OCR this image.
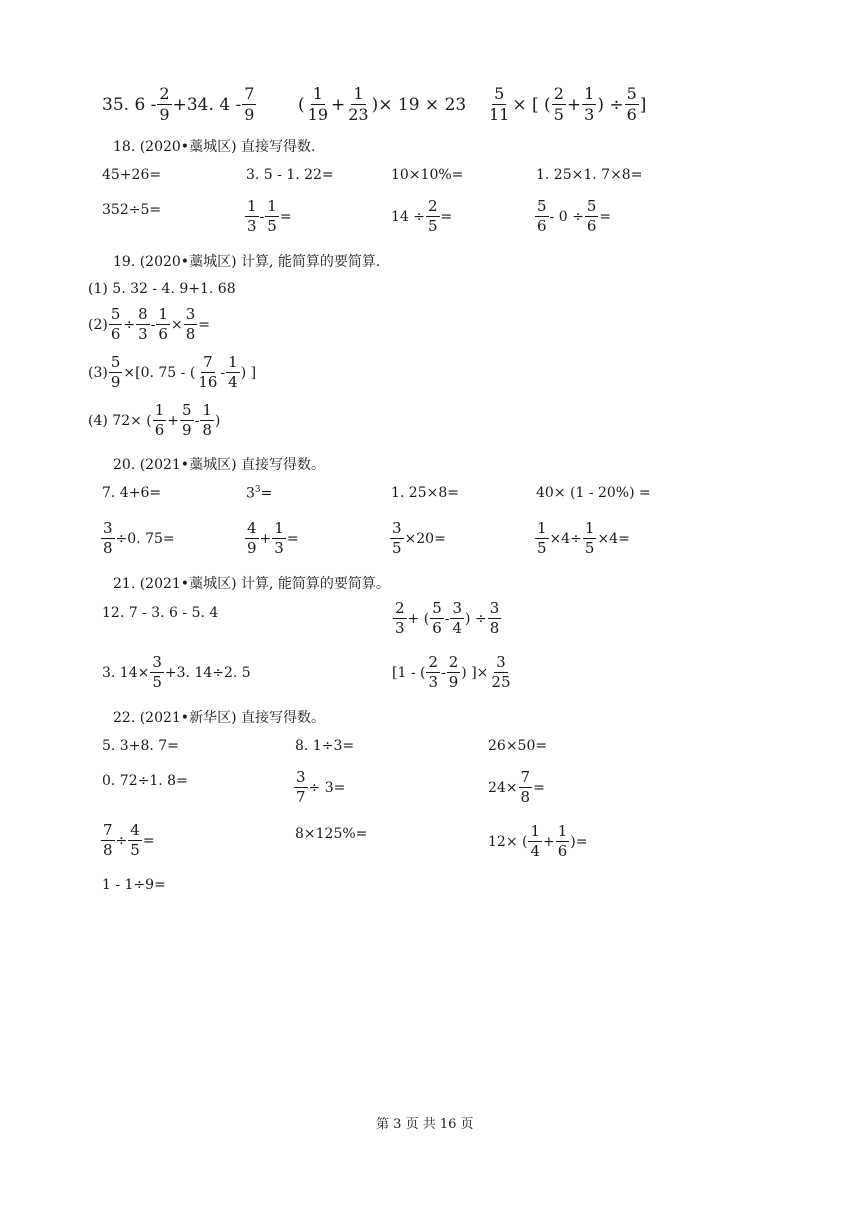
35. $6 - \frac{2}{9} +34$. $4 - \frac{7}{9}$ ( $\frac{1}{19} + \frac{1}{23}$ )× $19 \times 23 \frac{5}{11}$ × [ ( $\frac{2}{5} + \frac{1}{3}$ ) ÷ $\frac{5}{6}$ ]
18. (2020•藁城区) 直接写得数.
45+26=	3. 5 - 1. 22=	10×10%=	1. 25×1. 7×8=
352÷5=	$\frac{1}{3} - \frac{1}{5}$ =	$14 \div \frac{2}{5}$ =	$\frac{5}{6} - 0 \div \frac{5}{6}$ =
19. (2020•藁城区) 计算, 能简算的要简算.
(1) 5. 32 - 4. 9+1. 68
$(2) \frac{5}{6} \div \frac{8}{3} - \frac{1}{6} \times \frac{3}{8}$ =
$(3) \frac{5}{9} \times[0$. 75 - ( $\frac{7}{16} - \frac{1}{4}$ ) ]
(4) 72× ( $\frac{1}{6} + \frac{5}{9} - \frac{1}{8}$ )
20. (2021•藁城区) 直接写得数。
7. 4+6=	$3^3=$	1. 25×8=	40× (1 - 20%) =
$\frac{3}{8} \div 0$. 75=	$\frac{4}{9} + \frac{1}{3}$ =	$\frac{3}{5} \times 20=$	$\frac{1}{5} \times 4\div \frac{1}{5} \times 4=$
21. (2021•藁城区) 计算, 能简算的要简算。
12. 7 - 3. 6 - 5. 4	$\frac{2}{3}$ + ( $\frac{5}{6} - \frac{3}{4}$ ) ÷ $\frac{3}{8}$
3. $14\times \frac{3}{5} +3$. 14÷2. 5	[1 - ( $\frac{2}{3} - \frac{2}{9}$ ) ]× $\frac{3}{25}$
22. (2021•新华区) 直接写得数。
5. 3+8. 7=	8. 1÷3=	26×50=
0. 72÷1. 8=	$\frac{3}{7} \div 3=$	$24\times \frac{7}{8}$ =
$\frac{7}{8} \div \frac{4}{5}$ =	8×125%=	12× ( $\frac{1}{4} + \frac{1}{6}$ )=
1 - 1÷9=
第 3 页 共 16 页
